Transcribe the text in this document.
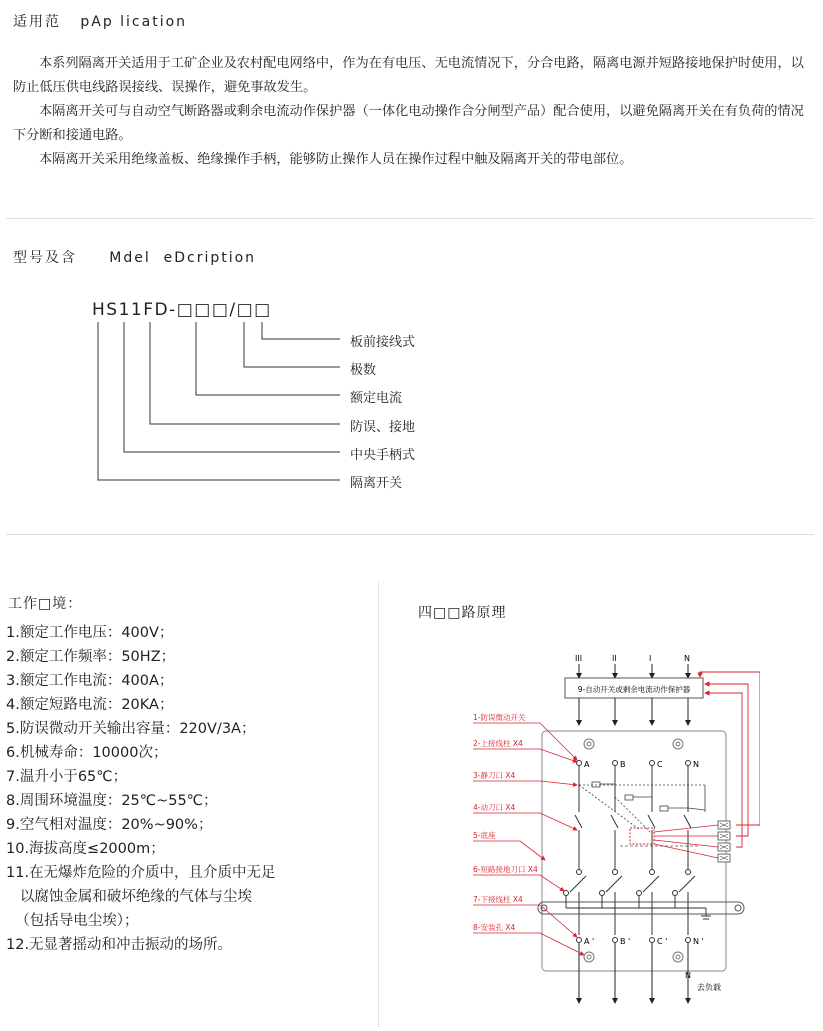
适用范   pAp lication
本系列隔离开关适用于工矿企业及农村配电网络中，作为在有电压、无电流情况下，分合电路，隔离电源并短路接地保护时使用，以防止低压供电线路误接线、误操作，避免事故发生。
本隔离开关可与自动空气断路器或剩余电流动作保护器（一体化电动操作合分闸型产品）配合使用，以避免隔离开关在有负荷的情况下分断和接通电路。
本隔离开关采用绝缘盖板、绝缘操作手柄，能够防止操作人员在操作过程中触及隔离开关的带电部位。
型号及含     Mdel  eDcription
HS11FD-□□□/□□
板前接线式
极数
额定电流
防误、接地
中央手柄式
隔离开关
工作□境：
1.额定工作电压：400V；
2.额定工作频率：50HZ；
3.额定工作电流：400A；
4.额定短路电流：20KA；
5.防误微动开关输出容量：220V/3A；
6.机械寿命：10000次；
7.温升小于65℃；
8.周围环境温度：25℃~55℃；
9.空气相对温度：20%~90%；
10.海拔高度≤2000m；
11.在无爆炸危险的介质中，且介质中无足
以腐蚀金属和破坏绝缘的气体与尘埃
（包括导电尘埃）；
12.无显著摇动和冲击振动的场所。
四□□路原理
III	II	I	N
9-自动开关或剩余电流动作保护器
A	B	C	N
A '	B '	C '	N '
N
去负载
1-防误微动开关
2-上接线柱 X4
3-静刀口 X4
4-动刀口 X4
5-底座
6-短路接地刀口 X4
7-下接线柱 X4
8-安装孔 X4
